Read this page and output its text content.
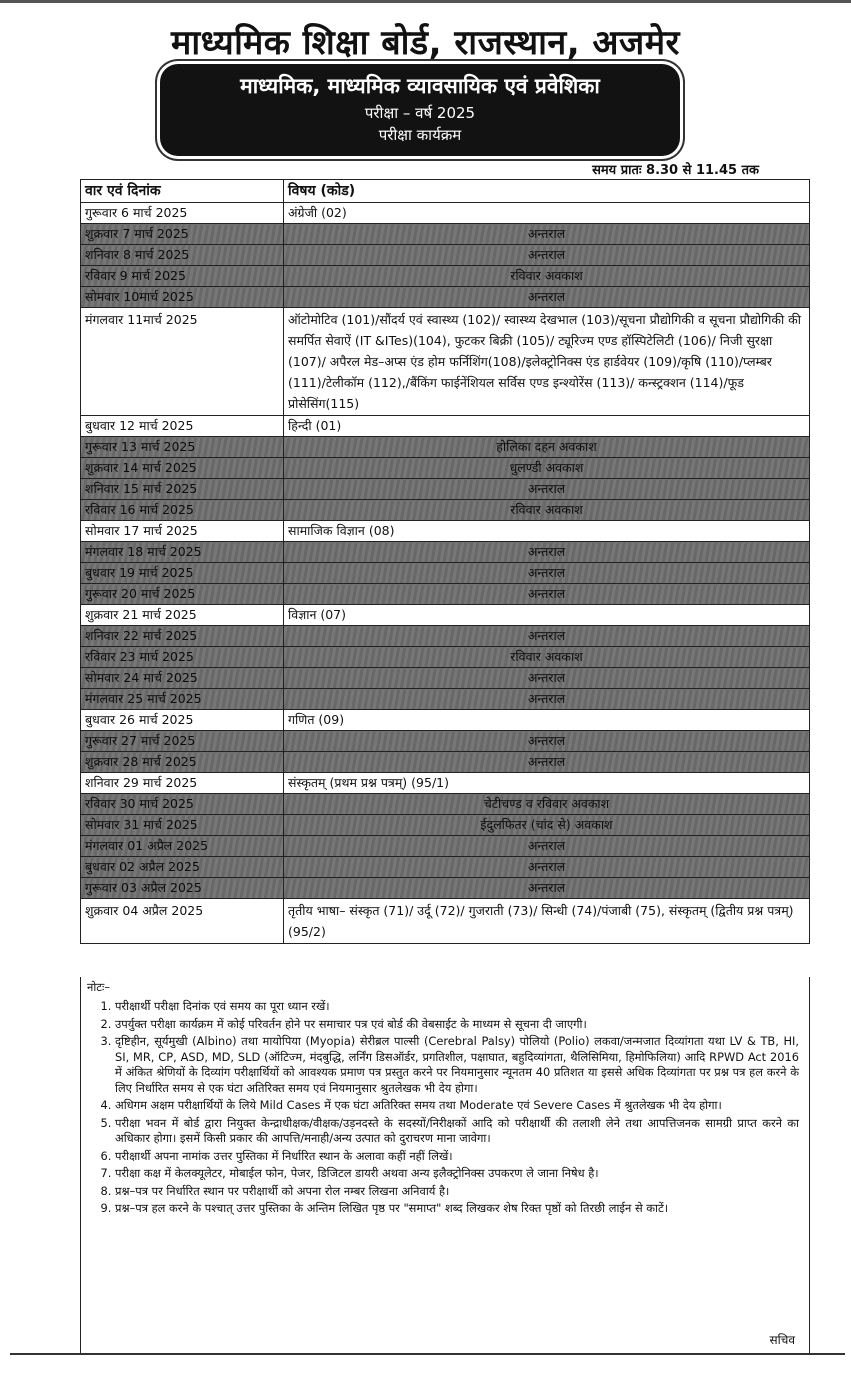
माध्यमिक शिक्षा बोर्ड, राजस्थान, अजमेर
माध्यमिक, माध्यमिक व्यावसायिक एवं प्रवेशिका
परीक्षा – वर्ष 2025
परीक्षा कार्यक्रम
समय प्रातः 8.30 से 11.45 तक
वार एवं दिनांक	विषय (कोड)
गुरूवार 6 मार्च 2025	अंग्रेजी (02)
शुक्रवार 7 मार्च 2025	अन्तराल
शनिवार 8 मार्च 2025	अन्तराल
रविवार 9 मार्च 2025	रविवार अवकाश
सोमवार 10मार्च 2025	अन्तराल
मंगलवार 11मार्च 2025	ऑटोमोटिव (101)/सौंदर्य एवं स्वास्थ्य (102)/ स्वास्थ्य देखभाल (103)/सूचना प्रौद्योगिकी व सूचना प्रौद्योगिकी की समर्पित सेवाऐं (IT &ITes)(104), फुटकर बिक्री (105)/ ट्यूरिज्म एण्ड हॉस्पिटेलिटी (106)/ निजी सुरक्षा (107)/ अपैरल मेड–अप्स एंड होम फर्निशिंग(108)/इलेक्ट्रोनिक्स एंड हार्डवेयर (109)/कृषि (110)/प्लम्बर (111)/टेलीकॉम (112),/बैंकिंग फाईनेंशियल सर्विस एण्ड इन्श्योरेंस (113)/ कन्स्ट्रक्शन (114)/फूड प्रोसेसिंग(115)
बुधवार 12 मार्च 2025	हिन्दी (01)
गुरूवार 13 मार्च 2025	होलिका दहन अवकाश
शुक्रवार 14 मार्च 2025	धुलण्डी अवकाश
शनिवार 15 मार्च 2025	अन्तराल
रविवार 16 मार्च 2025	रविवार अवकाश
सोमवार 17 मार्च 2025	सामाजिक विज्ञान (08)
मंगलवार 18 मार्च 2025	अन्तराल
बुधवार 19 मार्च 2025	अन्तराल
गुरूवार 20 मार्च 2025	अन्तराल
शुक्रवार 21 मार्च 2025	विज्ञान (07)
शनिवार 22 मार्च 2025	अन्तराल
रविवार 23 मार्च 2025	रविवार अवकाश
सोमवार 24 मार्च 2025	अन्तराल
मंगलवार 25 मार्च 2025	अन्तराल
बुधवार 26 मार्च 2025	गणित (09)
गुरूवार 27 मार्च 2025	अन्तराल
शुक्रवार 28 मार्च 2025	अन्तराल
शनिवार 29 मार्च 2025	संस्कृतम् (प्रथम प्रश्न पत्रम्) (95/1)
रविवार 30 मार्च 2025	चेटीचण्ड व रविवार अवकाश
सोमवार 31 मार्च 2025	ईदुलफितर (चांद से) अवकाश
मंगलवार 01 अप्रैल 2025	अन्तराल
बुधवार 02 अप्रैल 2025	अन्तराल
गुरूवार 03 अप्रैल 2025	अन्तराल
शुक्रवार 04 अप्रैल 2025	तृतीय भाषा– संस्कृत (71)/ उर्दू (72)/ गुजराती (73)/ सिन्धी (74)/पंजाबी (75), संस्कृतम् (द्वितीय प्रश्न पत्रम्) (95/2)
नोटः–
1. परीक्षार्थी परीक्षा दिनांक एवं समय का पूरा ध्यान रखें।
2. उपर्युक्त परीक्षा कार्यक्रम में कोई परिवर्तन होने पर समाचार पत्र एवं बोर्ड की वेबसाईट के माध्यम से सूचना दी जाएगी।
3. दृष्टिहीन, सूर्यमुखी (Albino) तथा मायोपिया (Myopia) सेरीब्रल पाल्सी (Cerebral Palsy) पोलियो (Polio) लकवा/जन्मजात दिव्यांगता यथा LV & TB, HI, SI, MR, CP, ASD, MD, SLD (ऑटिज्म, मंदबुद्धि, लर्निंग डिसऑर्डर, प्रगतिशील, पक्षाघात, बहुदिव्यांगता, थैलिसिमिया, हिमोफिलिया) आदि RPWD Act 2016 में अंकित श्रेणियों के दिव्यांग परीक्षार्थियों को आवश्यक प्रमाण पत्र प्रस्तुत करने पर नियमानुसार न्यूनतम 40 प्रतिशत या इससे अधिक दिव्यांगता पर प्रश्न पत्र हल करने के लिए निर्धारित समय से एक घंटा अतिरिक्त समय एवं नियमानुसार श्रुतलेखक भी देय होगा।
4. अधिगम अक्षम परीक्षार्थियों के लिये Mild Cases में एक घंटा अतिरिक्त समय तथा Moderate एवं Severe Cases में श्रुतलेखक भी देय होगा।
5. परीक्षा भवन में बोर्ड द्वारा नियुक्त केन्द्राधीक्षक/वीक्षक/उड़नदस्ते के सदस्यों/निरीक्षकों आदि को परीक्षार्थी की तलाशी लेने तथा आपत्तिजनक सामग्री प्राप्त करने का अधिकार होगा। इसमें किसी प्रकार की आपत्ति/मनाही/अन्य उत्पात को दुराचरण माना जावेगा।
6. परीक्षार्थी अपना नामांक उत्तर पुस्तिका में निर्धारित स्थान के अलावा कहीं नहीं लिखें।
7. परीक्षा कक्ष में केलक्यूलेटर, मोबाईल फोन, पेजर, डिजिटल डायरी अथवा अन्य इलैक्ट्रोनिक्स उपकरण ले जाना निषेध है।
8. प्रश्न–पत्र पर निर्धारित स्थान पर परीक्षार्थी को अपना रोल नम्बर लिखना अनिवार्य है।
9. प्रश्न–पत्र हल करने के पश्चात् उत्तर पुस्तिका के अन्तिम लिखित पृष्ठ पर "समाप्त" शब्द लिखकर शेष रिक्त पृष्ठों को तिरछी लाईन से काटें।
सचिव
